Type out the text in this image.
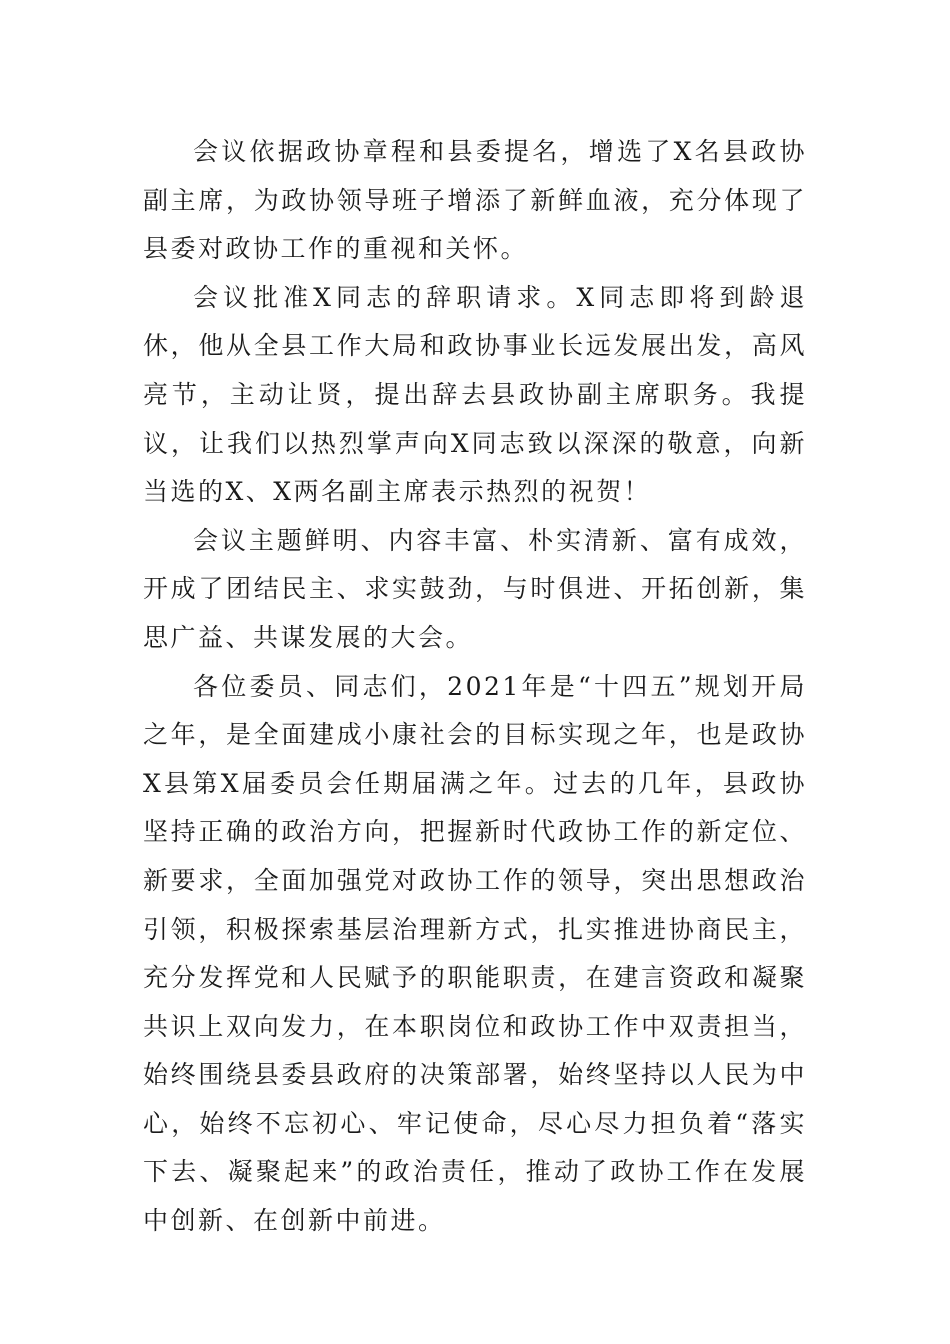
会议依据政协章程和县委提名，增选了X名县政协副主席，为政协领导班子增添了新鲜血液，充分体现了县委对政协工作的重视和关怀。

会议批准X同志的辞职请求。X同志即将到龄退休，他从全县工作大局和政协事业长远发展出发，高风亮节，主动让贤，提出辞去县政协副主席职务。我提议，让我们以热烈掌声向X同志致以深深的敬意，向新当选的X、X两名副主席表示热烈的祝贺！

会议主题鲜明、内容丰富、朴实清新、富有成效，开成了团结民主、求实鼓劲，与时俱进、开拓创新，集思广益、共谋发展的大会。

各位委员、同志们，2021年是“十四五”规划开局之年，是全面建成小康社会的目标实现之年，也是政协X县第X届委员会任期届满之年。过去的几年，县政协坚持正确的政治方向，把握新时代政协工作的新定位、新要求，全面加强党对政协工作的领导，突出思想政治引领，积极探索基层治理新方式，扎实推进协商民主，充分发挥党和人民赋予的职能职责，在建言资政和凝聚共识上双向发力，在本职岗位和政协工作中双责担当，始终围绕县委县政府的决策部署，始终坚持以人民为中心，始终不忘初心、牢记使命，尽心尽力担负着“落实下去、凝聚起来”的政治责任，推动了政协工作在发展中创新、在创新中前进。
